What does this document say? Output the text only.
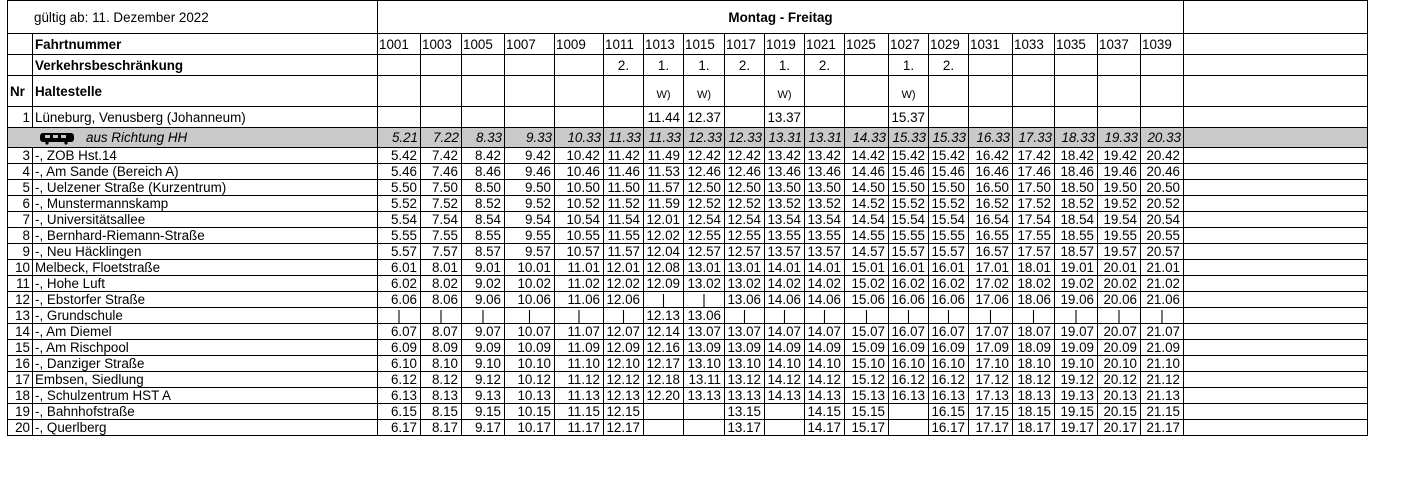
gültig ab: 11. Dezember 2022		Montag - Freitag																			
	Fahrtnummer	1001	1003	1005	1007	1009	1011	1013	1015	1017	1019	1021	1025	1027	1029	1031	1033	1035	1037	1039	
	Verkehrsbeschränkung						2.	1.	1.	2.	1.	2.		1.	2.						
Nr	Haltestelle							$_{W)}$	$_{W)}$		$_{W)}$			$_{W)}$							
1	Lüneburg, Venusberg (Johanneum)							11.44	12.37		13.37			15.37							
aus Richtung HH		5.21	7.22	8.33	9.33	10.33	11.33	11.33	12.33	12.33	13.31	13.31	14.33	15.33	15.33	16.33	17.33	18.33	19.33	20.33	
3	-, ZOB Hst.14	5.42	7.42	8.42	9.42	10.42	11.42	11.49	12.42	12.42	13.42	13.42	14.42	15.42	15.42	16.42	17.42	18.42	19.42	20.42	
4	-, Am Sande (Bereich A)	5.46	7.46	8.46	9.46	10.46	11.46	11.53	12.46	12.46	13.46	13.46	14.46	15.46	15.46	16.46	17.46	18.46	19.46	20.46	
5	-, Uelzener Straße (Kurzentrum)	5.50	7.50	8.50	9.50	10.50	11.50	11.57	12.50	12.50	13.50	13.50	14.50	15.50	15.50	16.50	17.50	18.50	19.50	20.50	
6	-, Munstermannskamp	5.52	7.52	8.52	9.52	10.52	11.52	11.59	12.52	12.52	13.52	13.52	14.52	15.52	15.52	16.52	17.52	18.52	19.52	20.52	
7	-, Universitätsallee	5.54	7.54	8.54	9.54	10.54	11.54	12.01	12.54	12.54	13.54	13.54	14.54	15.54	15.54	16.54	17.54	18.54	19.54	20.54	
8	-, Bernhard-Riemann-Straße	5.55	7.55	8.55	9.55	10.55	11.55	12.02	12.55	12.55	13.55	13.55	14.55	15.55	15.55	16.55	17.55	18.55	19.55	20.55	
9	-, Neu Häcklingen	5.57	7.57	8.57	9.57	10.57	11.57	12.04	12.57	12.57	13.57	13.57	14.57	15.57	15.57	16.57	17.57	18.57	19.57	20.57	
10	Melbeck, Floetstraße	6.01	8.01	9.01	10.01	11.01	12.01	12.08	13.01	13.01	14.01	14.01	15.01	16.01	16.01	17.01	18.01	19.01	20.01	21.01	
11	-, Hohe Luft	6.02	8.02	9.02	10.02	11.02	12.02	12.09	13.02	13.02	14.02	14.02	15.02	16.02	16.02	17.02	18.02	19.02	20.02	21.02	
12	-, Ebstorfer Straße	6.06	8.06	9.06	10.06	11.06	12.06	|	|	13.06	14.06	14.06	15.06	16.06	16.06	17.06	18.06	19.06	20.06	21.06	
13	-, Grundschule	|	|	|	|	|	|	12.13	13.06	|	|	|	|	|	|	|	|	|	|	|	
14	-, Am Diemel	6.07	8.07	9.07	10.07	11.07	12.07	12.14	13.07	13.07	14.07	14.07	15.07	16.07	16.07	17.07	18.07	19.07	20.07	21.07	
15	-, Am Rischpool	6.09	8.09	9.09	10.09	11.09	12.09	12.16	13.09	13.09	14.09	14.09	15.09	16.09	16.09	17.09	18.09	19.09	20.09	21.09	
16	-, Danziger Straße	6.10	8.10	9.10	10.10	11.10	12.10	12.17	13.10	13.10	14.10	14.10	15.10	16.10	16.10	17.10	18.10	19.10	20.10	21.10	
17	Embsen, Siedlung	6.12	8.12	9.12	10.12	11.12	12.12	12.18	13.11	13.12	14.12	14.12	15.12	16.12	16.12	17.12	18.12	19.12	20.12	21.12	
18	-, Schulzentrum HST A	6.13	8.13	9.13	10.13	11.13	12.13	12.20	13.13	13.13	14.13	14.13	15.13	16.13	16.13	17.13	18.13	19.13	20.13	21.13	
19	-, Bahnhofstraße	6.15	8.15	9.15	10.15	11.15	12.15			13.15		14.15	15.15		16.15	17.15	18.15	19.15	20.15	21.15	
20	-, Querlberg	6.17	8.17	9.17	10.17	11.17	12.17			13.17		14.17	15.17		16.17	17.17	18.17	19.17	20.17	21.17	
